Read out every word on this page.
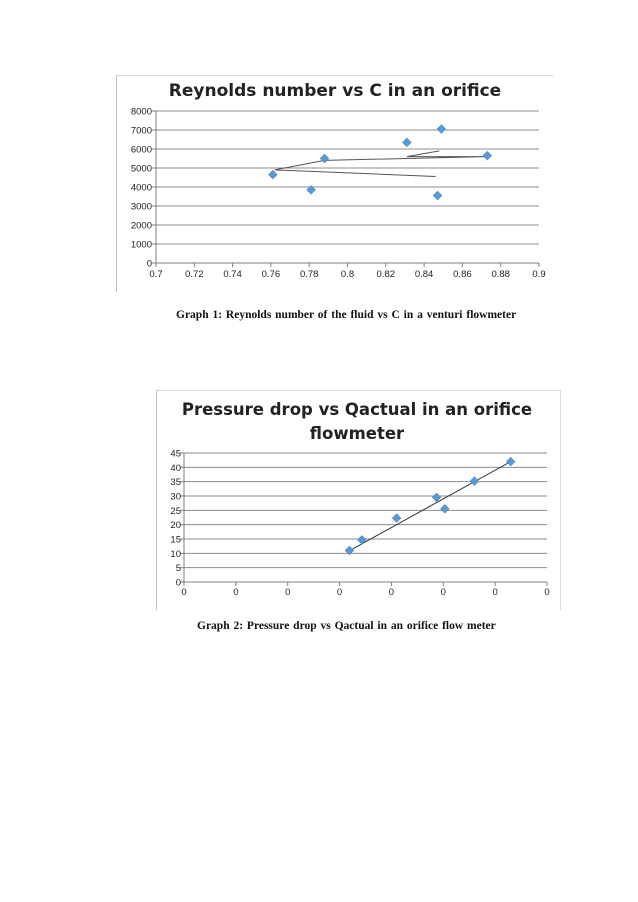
Reynolds number vs C in an orifice
0
1000
2000
3000
4000
5000
6000
7000
8000
0.7 0.72 0.74 0.76 0.78 0.8 0.82 0.84 0.86 0.88 0.9
Graph 1: Reynolds number of the fluid vs C in a venturi flowmeter
Pressure drop vs Qactual in an orifice
flowmeter
0
5
10
15
20
25
30
35
40
45
0	0	0	0	0	0	0	0
Graph 2: Pressure drop vs Qactual in an orifice flow meter
